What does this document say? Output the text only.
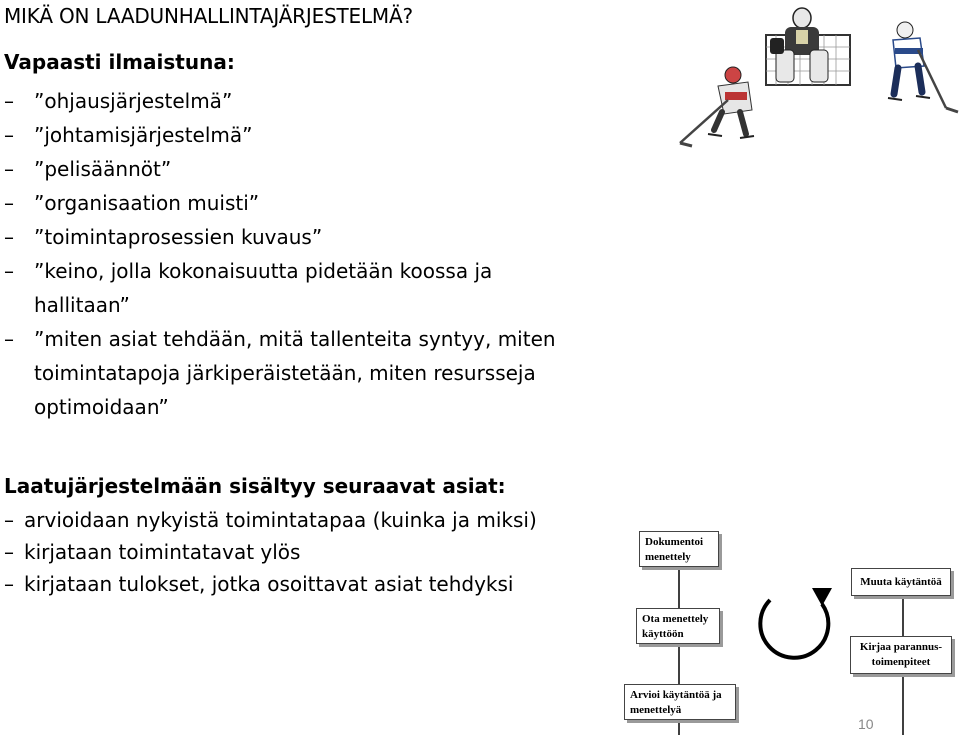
MIKÄ ON LAADUNHALLINTAJÄRJESTELMÄ?
Vapaasti ilmaistuna:
– ”ohjausjärjestelmä”
– ”johtamisjärjestelmä”
– ”pelisäännöt”
– ”organisaation muisti”
– ”toimintaprosessien kuvaus”
– ”keino, jolla kokonaisuutta pidetään koossa ja
hallitaan”
– ”miten asiat tehdään, mitä tallenteita syntyy, miten
toimintatapoja järkiperäistetään, miten resursseja
optimoidaan”
Laatujärjestelmään sisältyy seuraavat asiat:
– arvioidaan nykyistä toimintatapaa (kuinka ja miksi)
– kirjataan toimintatavat ylös
– kirjataan tulokset, jotka osoittavat asiat tehdyksi
Dokumentoi menettely
Muuta käytäntöä
Ota menettely käyttöön
Kirjaa parannus-toimenpiteet
Arvioi käytäntöä ja menettelyä
10
